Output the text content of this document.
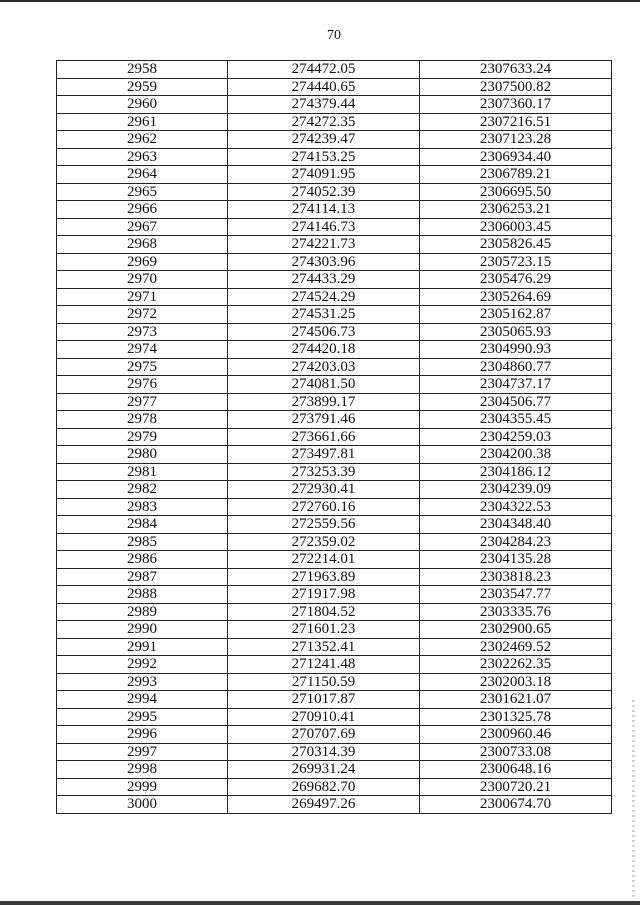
70
2958	274472.05	2307633.24
2959	274440.65	2307500.82
2960	274379.44	2307360.17
2961	274272.35	2307216.51
2962	274239.47	2307123.28
2963	274153.25	2306934.40
2964	274091.95	2306789.21
2965	274052.39	2306695.50
2966	274114.13	2306253.21
2967	274146.73	2306003.45
2968	274221.73	2305826.45
2969	274303.96	2305723.15
2970	274433.29	2305476.29
2971	274524.29	2305264.69
2972	274531.25	2305162.87
2973	274506.73	2305065.93
2974	274420.18	2304990.93
2975	274203.03	2304860.77
2976	274081.50	2304737.17
2977	273899.17	2304506.77
2978	273791.46	2304355.45
2979	273661.66	2304259.03
2980	273497.81	2304200.38
2981	273253.39	2304186.12
2982	272930.41	2304239.09
2983	272760.16	2304322.53
2984	272559.56	2304348.40
2985	272359.02	2304284.23
2986	272214.01	2304135.28
2987	271963.89	2303818.23
2988	271917.98	2303547.77
2989	271804.52	2303335.76
2990	271601.23	2302900.65
2991	271352.41	2302469.52
2992	271241.48	2302262.35
2993	271150.59	2302003.18
2994	271017.87	2301621.07
2995	270910.41	2301325.78
2996	270707.69	2300960.46
2997	270314.39	2300733.08
2998	269931.24	2300648.16
2999	269682.70	2300720.21
3000	269497.26	2300674.70
